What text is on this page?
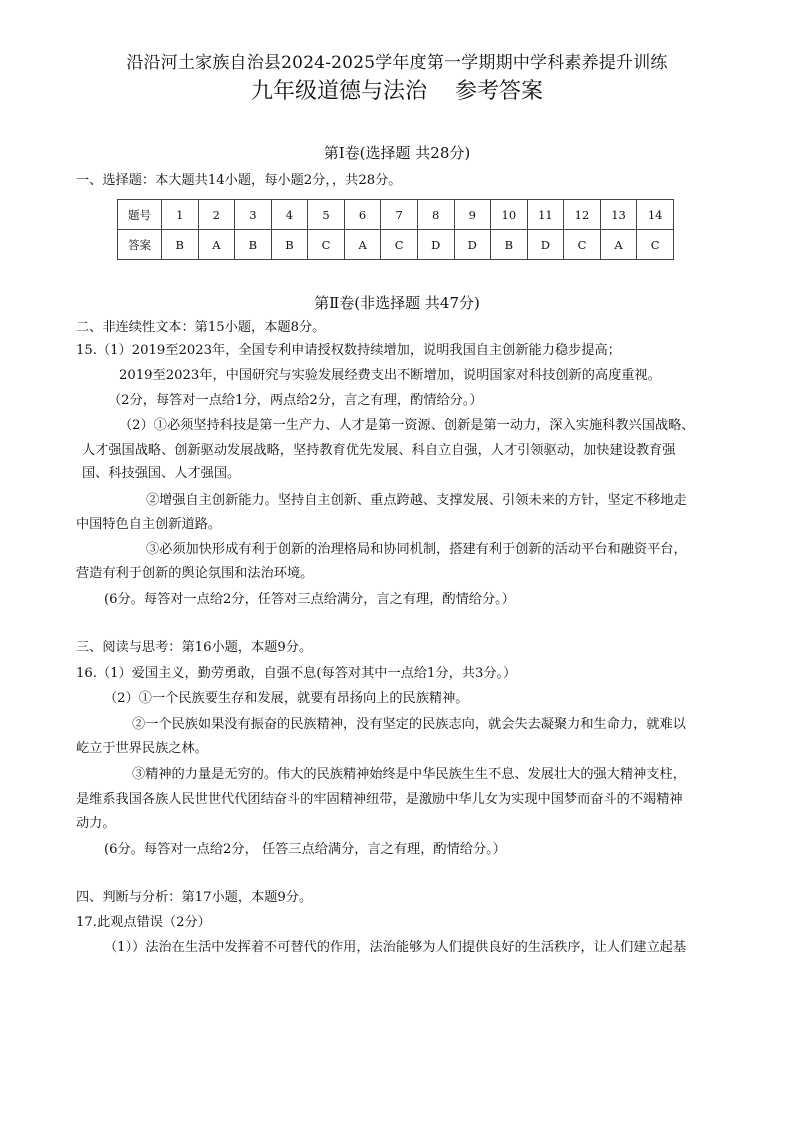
沿沿河土家族自治县2024-2025学年度第一学期期中学科素养提升训练
九年级道德与法治    参考答案
第Ⅰ卷(选择题 共28分)
一、选择题：本大题共14小题，每小题2分，，共28分。
题号	1	2	3	4	5	6	7	8	9	10	11	12	13	14
答案	B	A	B	B	C	A	C	D	D	B	D	C	A	C
第Ⅱ卷(非选择题 共47分)
二、非连续性文本：第15小题，本题8分。
15.（1）2019至2023年，全国专利申请授权数持续增加，说明我国自主创新能力稳步提高；
2019至2023年，中国研究与实验发展经费支出不断增加，说明国家对科技创新的高度重视。
（2分，每答对一点给1分，两点给2分，言之有理，酌情给分。）
（2）①必须坚持科技是第一生产力、人才是第一资源、创新是第一动力，深入实施科教兴国战略、
人才强国战略、创新驱动发展战略，坚持教育优先发展、科自立自强，人才引领驱动，加快建设教育强
国、科技强国、人才强国。
②增强自主创新能力。坚持自主创新、重点跨越、支撑发展、引领未来的方针，坚定不移地走
中国特色自主创新道路。
③必须加快形成有利于创新的治理格局和协同机制，搭建有利于创新的活动平台和融资平台，
营造有利于创新的舆论氛围和法治环境。
(6分。每答对一点给2分，任答对三点给满分，言之有理，酌情给分。）
三、阅读与思考：第16小题，本题9分。
16.（1）爱国主义，勤劳勇敢，自强不息(每答对其中一点给1分，共3分。）
（2）①一个民族要生存和发展，就要有昂扬向上的民族精神。
②一个民族如果没有振奋的民族精神，没有坚定的民族志向，就会失去凝聚力和生命力，就难以
屹立于世界民族之林。
③精神的力量是无穷的。伟大的民族精神始终是中华民族生生不息、发展壮大的强大精神支柱，
是维系我国各族人民世世代代团结奋斗的牢固精神纽带，是激励中华儿女为实现中国梦而奋斗的不竭精神
动力。
(6分。每答对一点给2分， 任答三点给满分，言之有理，酌情给分。）
四、判断与分析：第17小题，本题9分。
17.此观点错误（2分）
（1））法治在生活中发挥着不可替代的作用，法治能够为人们提供良好的生活秩序，让人们建立起基
